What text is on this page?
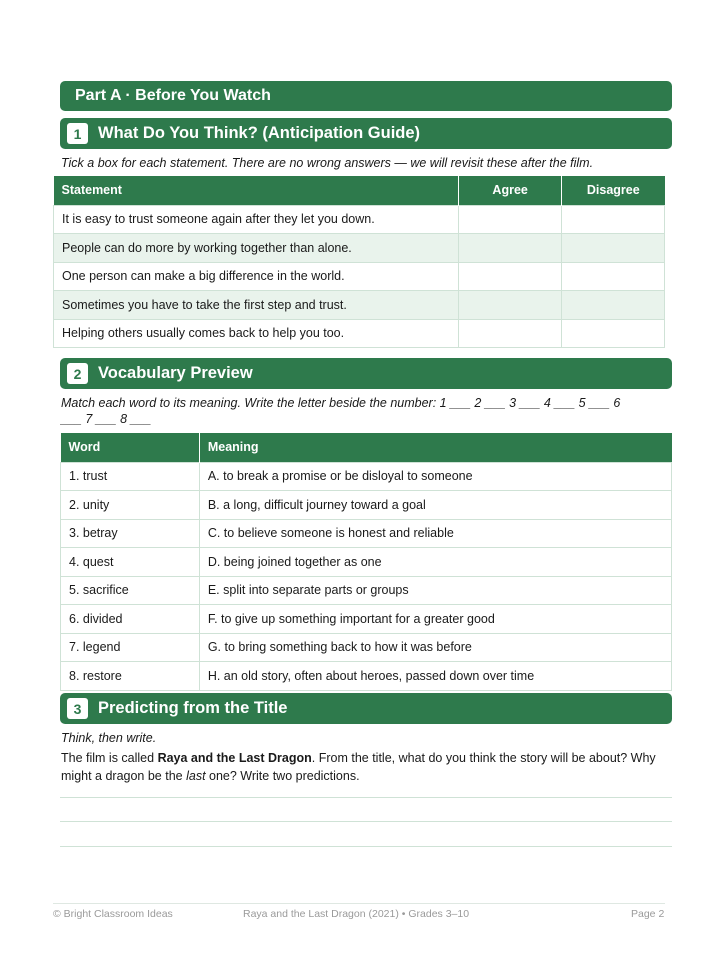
Part A · Before You Watch
1	What Do You Think? (Anticipation Guide)
Tick a box for each statement. There are no wrong answers — we will revisit these after the film.
Statement	Agree	Disagree
It is easy to trust someone again after they let you down.		
People can do more by working together than alone.		
One person can make a big difference in the world.		
Sometimes you have to take the first step and trust.		
Helping others usually comes back to help you too.		
2	Vocabulary Preview
Match each word to its meaning. Write the letter beside the number: 1 ___ 2 ___ 3 ___ 4 ___ 5 ___ 6
___ 7 ___ 8 ___
Word	Meaning
1. trust	A. to break a promise or be disloyal to someone
2. unity	B. a long, difficult journey toward a goal
3. betray	C. to believe someone is honest and reliable
4. quest	D. being joined together as one
5. sacrifice	E. split into separate parts or groups
6. divided	F. to give up something important for a greater good
7. legend	G. to bring something back to how it was before
8. restore	H. an old story, often about heroes, passed down over time
3	Predicting from the Title
Think, then write.
The film is called Raya and the Last Dragon. From the title, what do you think the story will be about? Why might a dragon be the last one? Write two predictions.
© Bright Classroom Ideas	Raya and the Last Dragon (2021) • Grades 3–10	Page 2
